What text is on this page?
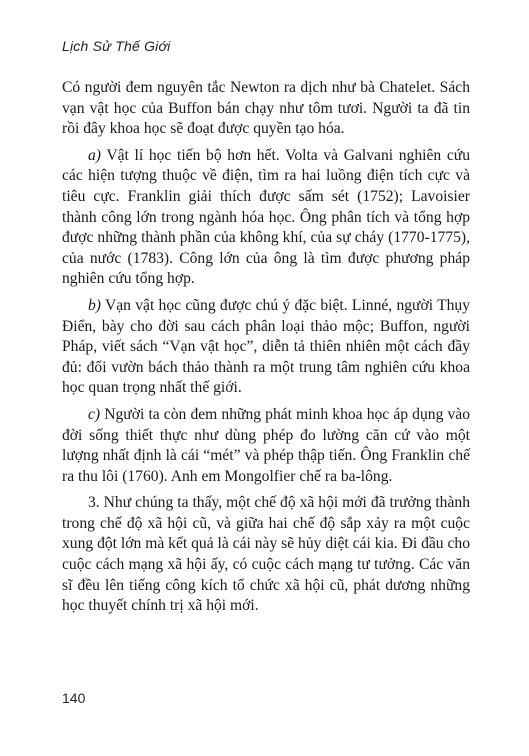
Lịch Sử Thế Giới

Có người đem nguyên tắc Newton ra dịch như bà Chatelet. Sách vạn vật học của Buffon bán chạy như tôm tươi. Người ta đã tin rồi đây khoa học sẽ đoạt được quyền tạo hóa.

a) Vật lí học tiến bộ hơn hết. Volta và Galvani nghiên cứu các hiện tượng thuộc về điện, tìm ra hai luồng điện tích cực và tiêu cực. Franklin giải thích được sấm sét (1752); Lavoisier thành công lớn trong ngành hóa học. Ông phân tích và tổng hợp được những thành phần của không khí, của sự cháy (1770-1775), của nước (1783). Công lớn của ông là tìm được phương pháp nghiên cứu tổng hợp.

b) Vạn vật học cũng được chú ý đặc biệt. Linné, người Thụy Điển, bày cho đời sau cách phân loại thảo mộc; Buffon, người Pháp, viết sách “Vạn vật học”, diễn tả thiên nhiên một cách đầy đủ: đổi vườn bách thảo thành ra một trung tâm nghiên cứu khoa học quan trọng nhất thế giới.

c) Người ta còn đem những phát minh khoa học áp dụng vào đời sống thiết thực như dùng phép đo lường căn cứ vào một lượng nhất định là cái “mét” và phép thập tiến. Ông Franklin chế ra thu lôi (1760). Anh em Mongolfier chế ra ba-lông.

3. Như chúng ta thấy, một chế độ xã hội mới đã trưởng thành trong chế độ xã hội cũ, và giữa hai chế độ sắp xảy ra một cuộc xung đột lớn mà kết quả là cái này sẽ hủy diệt cái kia. Đi đầu cho cuộc cách mạng xã hội ấy, có cuộc cách mạng tư tưởng. Các văn sĩ đều lên tiếng công kích tổ chức xã hội cũ, phát dương những học thuyết chính trị xã hội mới.

140
